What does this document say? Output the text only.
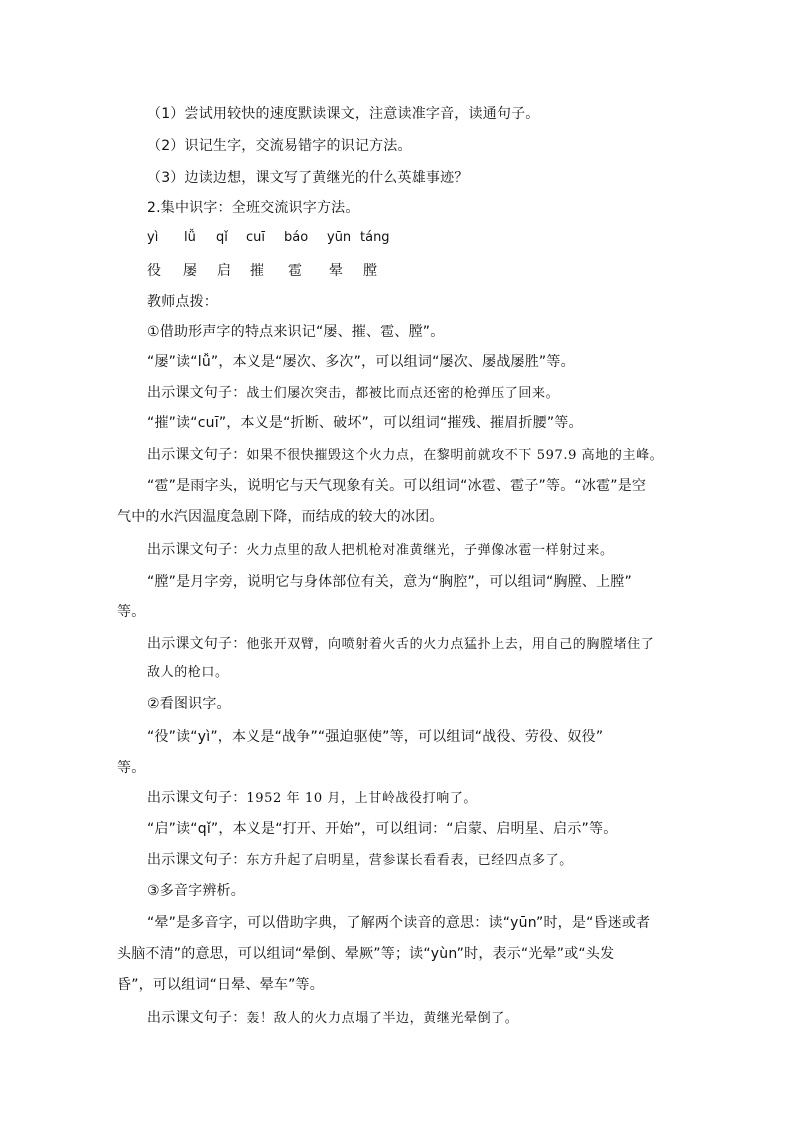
（1）尝试用较快的速度默读课文，注意读准字音，读通句子。
（2）识记生字，交流易错字的识记方法。
（3）边读边想，课文写了黄继光的什么英雄事迹？
2.集中识字：全班交流识字方法。
yì lǚ qǐ cuī báo yūn táng
役 屡 启 摧 雹 晕 膛
教师点拨：
①借助形声字的特点来识记“屡、摧、雹、膛”。
“屡”读“lǚ”，本义是“屡次、多次”，可以组词“屡次、屡战屡胜”等。
出示课文句子：战士们屡次突击，都被比而点还密的枪弹压了回来。
“摧”读“cuī”，本义是“折断、破坏”，可以组词“摧残、摧眉折腰”等。
出示课文句子：如果不很快摧毁这个火力点，在黎明前就攻不下 597.9 高地的主峰。
“雹”是雨字头，说明它与天气现象有关。可以组词“冰雹、雹子”等。“冰雹”是空
气中的水汽因温度急剧下降，而结成的较大的冰团。
出示课文句子：火力点里的敌人把机枪对准黄继光，子弹像冰雹一样射过来。
“膛”是月字旁，说明它与身体部位有关，意为“胸腔”，可以组词“胸膛、上膛”
等。
出示课文句子：他张开双臂，向喷射着火舌的火力点猛扑上去，用自己的胸膛堵住了
敌人的枪口。
②看图识字。
“役”读“yì”，本义是“战争”“强迫驱使”等，可以组词“战役、劳役、奴役”
等。
出示课文句子：1952 年 10 月，上甘岭战役打响了。
“启”读“qǐ”，本义是“打开、开始”，可以组词：“启蒙、启明星、启示”等。
出示课文句子：东方升起了启明星，营参谋长看看表，已经四点多了。
③多音字辨析。
“晕”是多音字，可以借助字典，了解两个读音的意思：读“yūn”时，是“昏迷或者
头脑不清”的意思，可以组词“晕倒、晕厥”等；读“yùn”时，表示“光晕”或“头发
昏”，可以组词“日晕、晕车”等。
出示课文句子：轰！敌人的火力点塌了半边，黄继光晕倒了。
